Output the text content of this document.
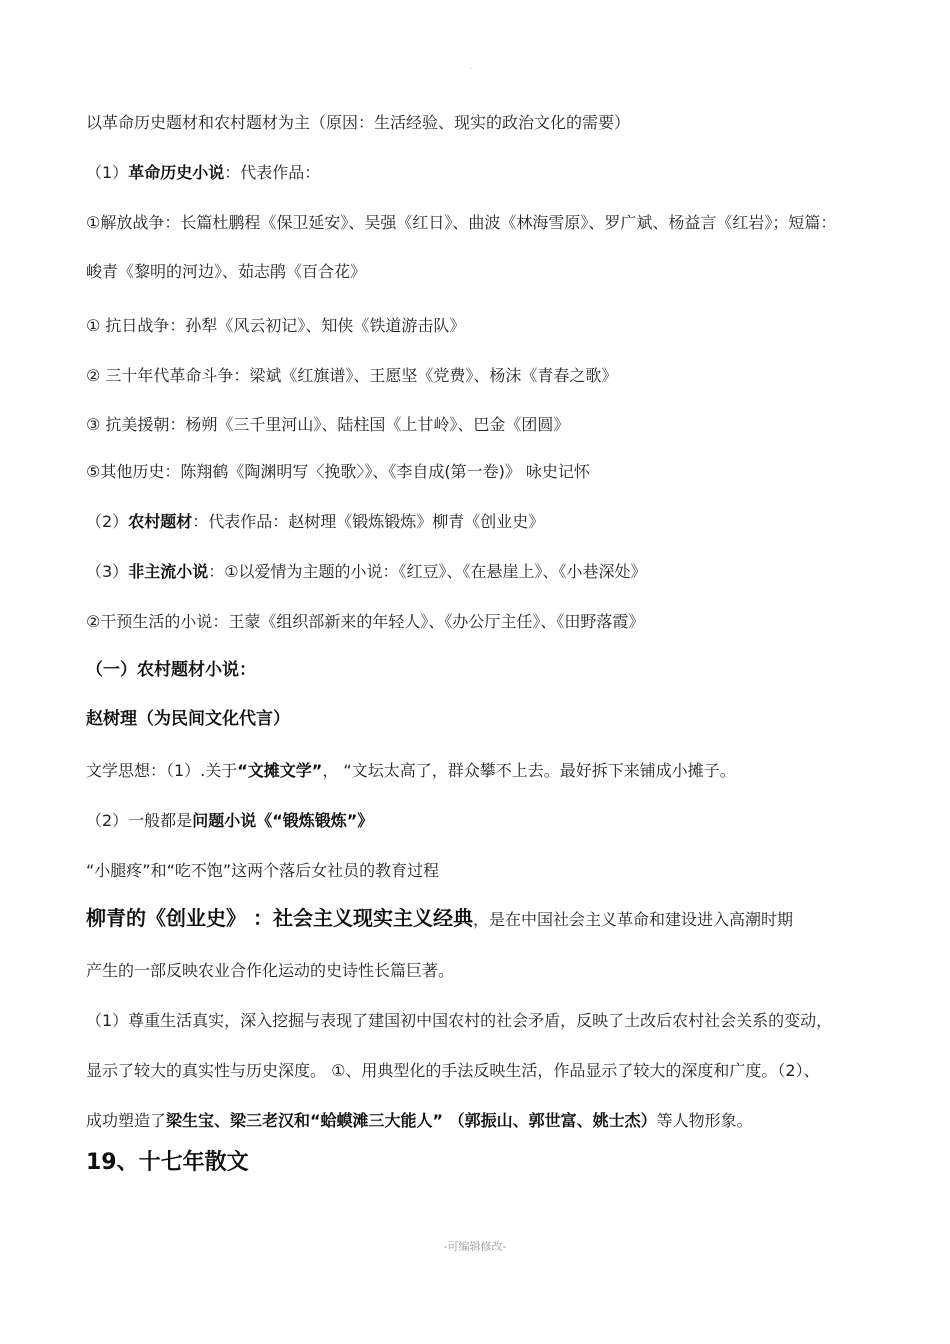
.
以革命历史题材和农村题材为主（原因：生活经验、现实的政治文化的需要）
（1）革命历史小说：代表作品：
①解放战争：长篇杜鹏程《保卫延安》、吴强《红日》、曲波《林海雪原》、罗广斌、杨益言《红岩》；短篇：
峻青《黎明的河边》、茹志鹃《百合花》
① 抗日战争：孙犁《风云初记》、知侠《铁道游击队》
② 三十年代革命斗争：梁斌《红旗谱》、王愿坚《党费》、杨沫《青春之歌》
③ 抗美援朝：杨朔《三千里河山》、陆柱国《上甘岭》、巴金《团圆》
⑤其他历史：陈翔鹤《陶渊明写〈挽歌〉》、《李自成(第一卷)》 咏史记怀
（2）农村题材：代表作品：赵树理《锻炼锻炼》柳青《创业史》
（3）非主流小说：①以爱情为主题的小说：《红豆》、《在悬崖上》、《小巷深处》
②干预生活的小说：王蒙《组织部新来的年轻人》、《办公厅主任》、《田野落霞》
（一）农村题材小说：
赵树理（为民间文化代言）
文学思想：（1）.关于“文摊文学”， “文坛太高了，群众攀不上去。最好拆下来铺成小摊子。
（2）一般都是问题小说《“锻炼锻炼”》
“小腿疼”和“吃不饱”这两个落后女社员的教育过程
柳青的《创业史》 ：社会主义现实主义经典，是在中国社会主义革命和建设进入高潮时期
产生的一部反映农业合作化运动的史诗性长篇巨著。
（1）尊重生活真实，深入挖掘与表现了建国初中国农村的社会矛盾，反映了土改后农村社会关系的变动，
显示了较大的真实性与历史深度。 ①、用典型化的手法反映生活，作品显示了较大的深度和广度。（2）、
成功塑造了梁生宝、梁三老汉和“蛤蟆滩三大能人” （郭振山、郭世富、姚士杰）等人物形象。
19、十七年散文
-可编辑修改-
